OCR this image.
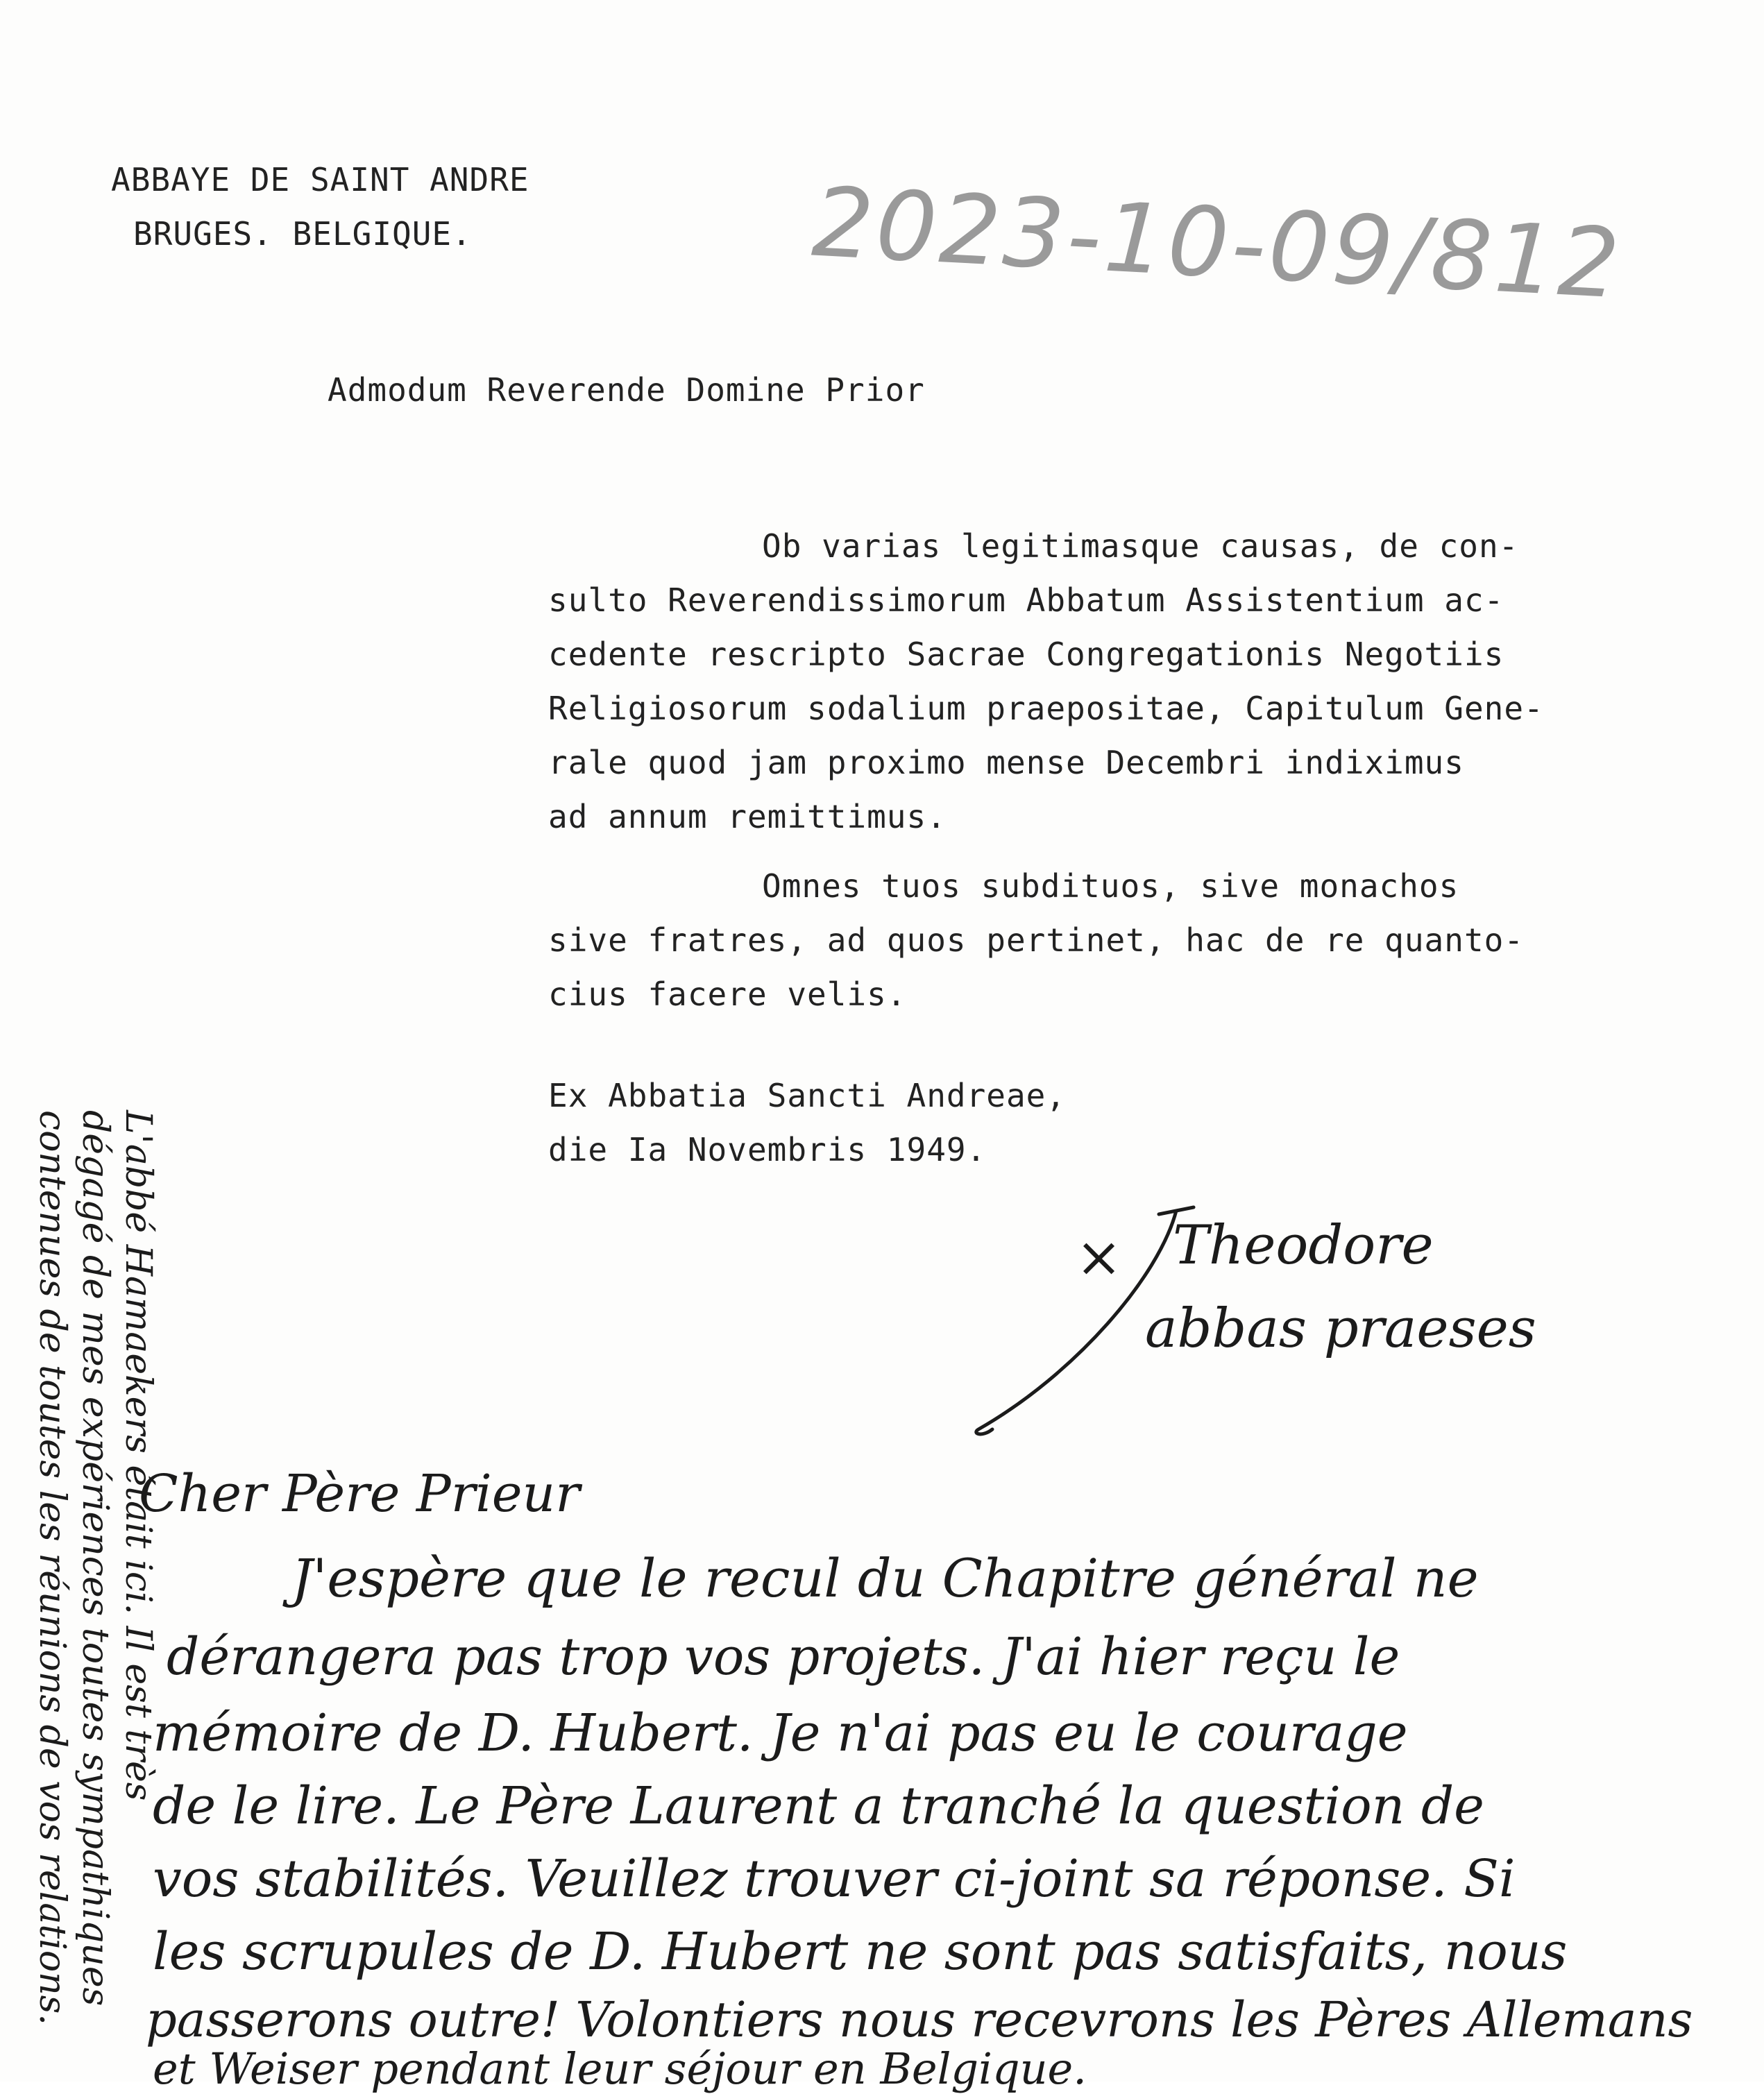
ABBAYE DE SAINT ANDRE
BRUGES. BELGIQUE.	2023-10-09/812
Admodum Reverende Domine Prior
Ob varias legitimasque causas, de con-
sulto Reverendissimorum Abbatum Assistentium ac-
cedente rescripto Sacrae Congregationis Negotiis
Religiosorum sodalium praepositae, Capitulum Gene-
rale quod jam proximo mense Decembri indiximus
ad annum remittimus.
Omnes tuos subdituos, sive monachos
sive fratres, ad quos pertinet, hac de re quanto-
cius facere velis.
Ex Abbatia Sancti Andreae,
die Ia Novembris 1949.
× Theodore
abbas praeses
Cher Père Prieur
J'espère que le recul du Chapitre général ne
dérangera pas trop vos projets. J'ai hier reçu le
mémoire de D. Hubert. Je n'ai pas eu le courage
de le lire. Le Père Laurent a tranché la question de
vos stabilités. Veuillez trouver ci-joint sa réponse. Si
les scrupules de D. Hubert ne sont pas satisfaits, nous
passerons outre! Volontiers nous recevrons les Pères Allemans
et Weiser pendant leur séjour en Belgique.
L'abbé Hamaekers était ici. Il est très
dégagé de mes expériences toutes sympathiques
contenues de toutes les réunions de vos relations.
